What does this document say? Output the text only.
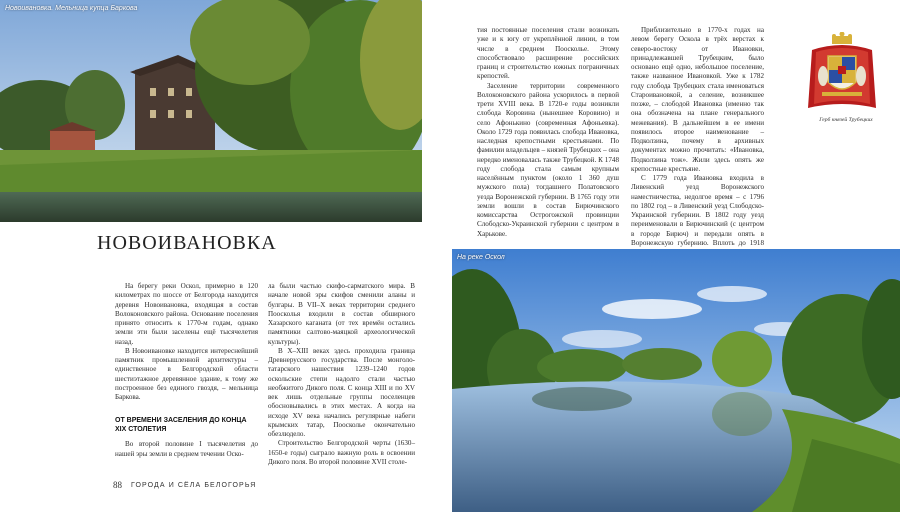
Новоивановка. Мельница купца Баркова
НОВОИВАНОВКА

На берегу реки Оскол, примерно в 120 километрах по шоссе от Белгорода находится деревня Новоивановка, входящая в состав Волоконовского района. Основание поселения принято относить к 1770-м годам, однако земли эти были заселены ещё тысячелетия назад.

В Новоивановке находится интереснейший памятник промышленной архитектуры – единственное в Белгородской области шестиэтажное деревянное здание, к тому же построенное без единого гвоздя, – мельница Баркова.

ОТ ВРЕМЕНИ ЗАСЕЛЕНИЯ ДО КОНЦА XIX СТОЛЕТИЯ

Во второй половине I тысячелетия до нашей эры земли в среднем течении Оско-

ла были частью скифо-сарматского мира. В начале новой эры скифов сменили аланы и булгары. В VII–X веках территории среднего Поосколья входили в состав обширного Хазарского каганата (от тех времён остались памятники салтово-маяцкой археологической культуры).

В X–XIII веках здесь проходила граница Древнерусского государства. После монголо-татарского нашествия 1239–1240 годов оскольские степи надолго стали частью необжитого Дикого поля. С конца XIII и по XV век лишь отдельные группы поселенцев обосновывались в этих местах. А когда на исходе XV века начались регулярные набеги крымских татар, Поосколье окончательно обезлюдело.

Строительство Белгородской черты (1630–1650-е годы) сыграло важную роль в освоении Дикого поля. Во второй половине XVII столе-

тия постоянные поселения стали возникать уже и к югу от укреплённой линии, в том числе в среднем Поосколье. Этому способствовало расширение российских границ и строительство южных пограничных крепостей.

Заселение территории современного Волоконовского района ускорилось в первой трети XVIII века. В 1720-е годы возникли слобода Коровина (нынешнее Коровино) и село Афонькино (современная Афоньевка). Около 1729 года появилась слобода Ивановка, наследная крепостными крестьянами. По фамилии владельцев – князей Трубецких – она нередко именовалась также Трубецкой. К 1748 году слобода стала самым крупным населённым пунктом (около 1 360 душ мужского пола) тогдашнего Полатовского уезда Воронежской губернии. В 1765 году эти земли вошли в состав Бирючинского комиссарства Острогожской провинции Слободско-Украинской губернии с центром в Харькове.

Приблизительно в 1770-х годах на левом берегу Оскола в трёх верстах к северо-востоку от Ивановки, принадлежавшей Трубецким, было основано ещё одно, небольшое поселение, также названное Ивановкой. Уже к 1782 году слобода Трубецких стала именоваться Староивановкой, а селение, возникшее позже, – слободой Ивановка (именно так она обозначена на плане генерального межевания). В дальнейшем в ее имени появилось второе наименование – Подколзина, почему в архивных документах можно прочитать: «Ивановка, Подколзина тож». Жили здесь опять же крепостные крестьяне.

С 1779 года Ивановка входила в Ливенский уезд Воронежского наместничества, недолгое время – с 1796 по 1802 год – в Ливенский уезд Слободско-Украинской губернии. В 1802 году уезд переименовали в Бирючинский (с центром в городе Бирюч) и передали опять в Воронежскую губернию. Вплоть до 1918

Герб князей Трубецких
На реке Оскол
88 ГОРОДА И СЁЛА БЕЛОГОРЬЯ
